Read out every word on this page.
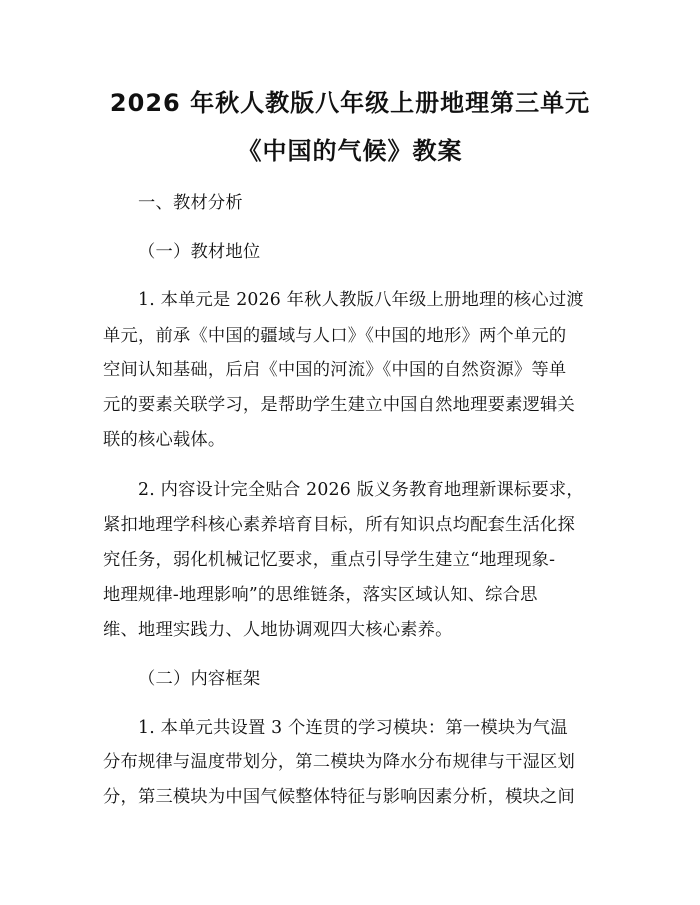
2026 年秋人教版八年级上册地理第三单元
《中国的气候》教案
一、教材分析
（一）教材地位
1. 本单元是 2026 年秋人教版八年级上册地理的核心过渡
单元，前承《中国的疆域与人口》《中国的地形》两个单元的
空间认知基础，后启《中国的河流》《中国的自然资源》等单
元的要素关联学习，是帮助学生建立中国自然地理要素逻辑关
联的核心载体。
2. 内容设计完全贴合 2026 版义务教育地理新课标要求，
紧扣地理学科核心素养培育目标，所有知识点均配套生活化探
究任务，弱化机械记忆要求，重点引导学生建立“地理现象-
地理规律-地理影响”的思维链条，落实区域认知、综合思
维、地理实践力、人地协调观四大核心素养。
（二）内容框架
1. 本单元共设置 3 个连贯的学习模块：第一模块为气温
分布规律与温度带划分，第二模块为降水分布规律与干湿区划
分，第三模块为中国气候整体特征与影响因素分析，模块之间
